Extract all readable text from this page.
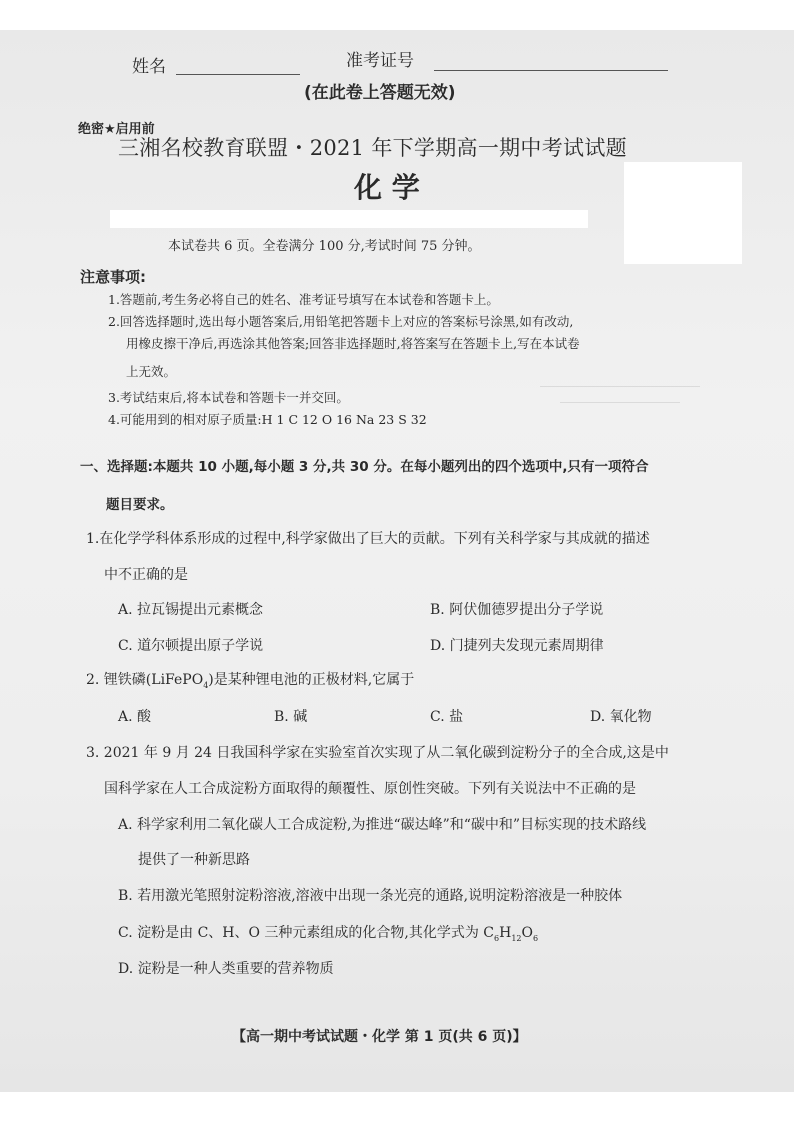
姓名	准考证号
(在此卷上答题无效)
绝密★启用前
三湘名校教育联盟・2021 年下学期高一期中考试试题
化 学
本试卷共 6 页。全卷满分 100 分,考试时间 75 分钟。
注意事项:
1.答题前,考生务必将自己的姓名、准考证号填写在本试卷和答题卡上。
2.回答选择题时,选出每小题答案后,用铅笔把答题卡上对应的答案标号涂黑,如有改动,
用橡皮擦干净后,再选涂其他答案;回答非选择题时,将答案写在答题卡上,写在本试卷
上无效。
3.考试结束后,将本试卷和答题卡一并交回。
4.可能用到的相对原子质量:H 1 C 12 O 16 Na 23 S 32
一、选择题:本题共 10 小题,每小题 3 分,共 30 分。在每小题列出的四个选项中,只有一项符合
题目要求。
1.在化学学科体系形成的过程中,科学家做出了巨大的贡献。下列有关科学家与其成就的描述
中不正确的是
A. 拉瓦锡提出元素概念	B. 阿伏伽德罗提出分子学说
C. 道尔顿提出原子学说	D. 门捷列夫发现元素周期律
2. 锂铁磷(LiFePO$_4$)是某种锂电池的正极材料,它属于
A. 酸	B. 碱	C. 盐	D. 氧化物
3. 2021 年 9 月 24 日我国科学家在实验室首次实现了从二氧化碳到淀粉分子的全合成,这是中
国科学家在人工合成淀粉方面取得的颠覆性、原创性突破。下列有关说法中不正确的是
A. 科学家利用二氧化碳人工合成淀粉,为推进“碳达峰”和“碳中和”目标实现的技术路线
提供了一种新思路
B. 若用激光笔照射淀粉溶液,溶液中出现一条光亮的通路,说明淀粉溶液是一种胶体
C. 淀粉是由 C、H、O 三种元素组成的化合物,其化学式为 $C_6H_{12}O_6$
D. 淀粉是一种人类重要的营养物质
【高一期中考试试题・化学 第 1 页(共 6 页)】
